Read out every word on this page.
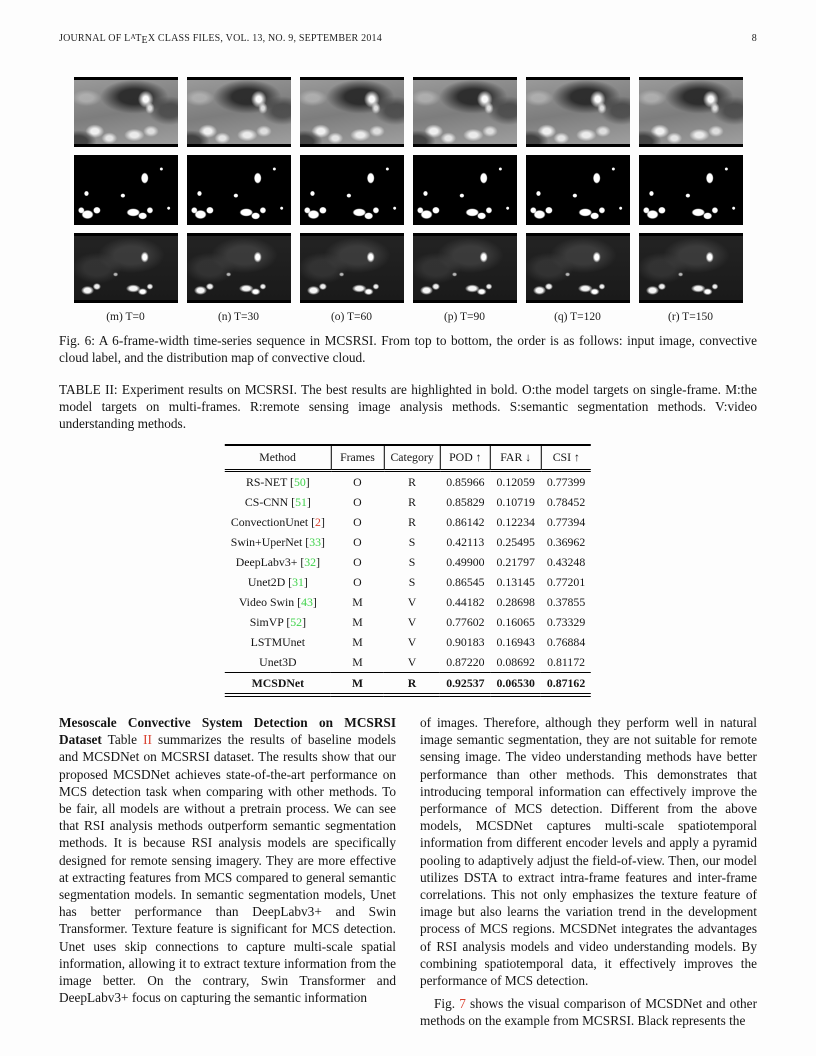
JOURNAL OF $L^ATEX$ CLASS FILES, VOL. 13, NO. 9, SEPTEMBER 2014	8
(m) T=0	(n) T=30	(o) T=60	(p) T=90	(q) T=120	(r) T=150
Fig. 6: A 6-frame-width time-series sequence in MCSRSI. From top to bottom, the order is as follows: input image, convective cloud label, and the distribution map of convective cloud.
TABLE II: Experiment results on MCSRSI. The best results are highlighted in bold. O:the model targets on single-frame. M:the model targets on multi-frames. R:remote sensing image analysis methods. S:semantic segmentation methods. V:video understanding methods.
Method	Frames	Category	POD ↑	FAR ↓	CSI ↑
RS-NET [50]	O	R	0.85966	0.12059	0.77399
CS-CNN [51]	O	R	0.85829	0.10719	0.78452
ConvectionUnet [2]	O	R	0.86142	0.12234	0.77394
Swin+UperNet [33]	O	S	0.42113	0.25495	0.36962
DeepLabv3+ [32]	O	S	0.49900	0.21797	0.43248
Unet2D [31]	O	S	0.86545	0.13145	0.77201
Video Swin [43]	M	V	0.44182	0.28698	0.37855
SimVP [52]	M	V	0.77602	0.16065	0.73329
LSTMUnet	M	V	0.90183	0.16943	0.76884
Unet3D	M	V	0.87220	0.08692	0.81172
MCSDNet	M	R	0.92537	0.06530	0.87162

Mesoscale Convective System Detection on MCSRSI Dataset Table II summarizes the results of baseline models and MCSDNet on MCSRSI dataset. The results show that our proposed MCSDNet achieves state-of-the-art performance on MCS detection task when comparing with other methods. To be fair, all models are without a pretrain process. We can see that RSI analysis methods outperform semantic segmentation methods. It is because RSI analysis models are specifically designed for remote sensing imagery. They are more effective at extracting features from MCS compared to general semantic segmentation models. In semantic segmentation models, Unet has better performance than DeepLabv3+ and Swin Transformer. Texture feature is significant for MCS detection. Unet uses skip connections to capture multi-scale spatial information, allowing it to extract texture information from the image better. On the contrary, Swin Transformer and DeepLabv3+ focus on capturing the semantic information

of images. Therefore, although they perform well in natural image semantic segmentation, they are not suitable for remote sensing image. The video understanding methods have better performance than other methods. This demonstrates that introducing temporal information can effectively improve the performance of MCS detection. Different from the above models, MCSDNet captures multi-scale spatiotemporal information from different encoder levels and apply a pyramid pooling to adaptively adjust the field-of-view. Then, our model utilizes DSTA to extract intra-frame features and inter-frame correlations. This not only emphasizes the texture feature of image but also learns the variation trend in the development process of MCS regions. MCSDNet integrates the advantages of RSI analysis models and video understanding models. By combining spatiotemporal data, it effectively improves the performance of MCS detection.

Fig. 7 shows the visual comparison of MCSDNet and other methods on the example from MCSRSI. Black represents the
